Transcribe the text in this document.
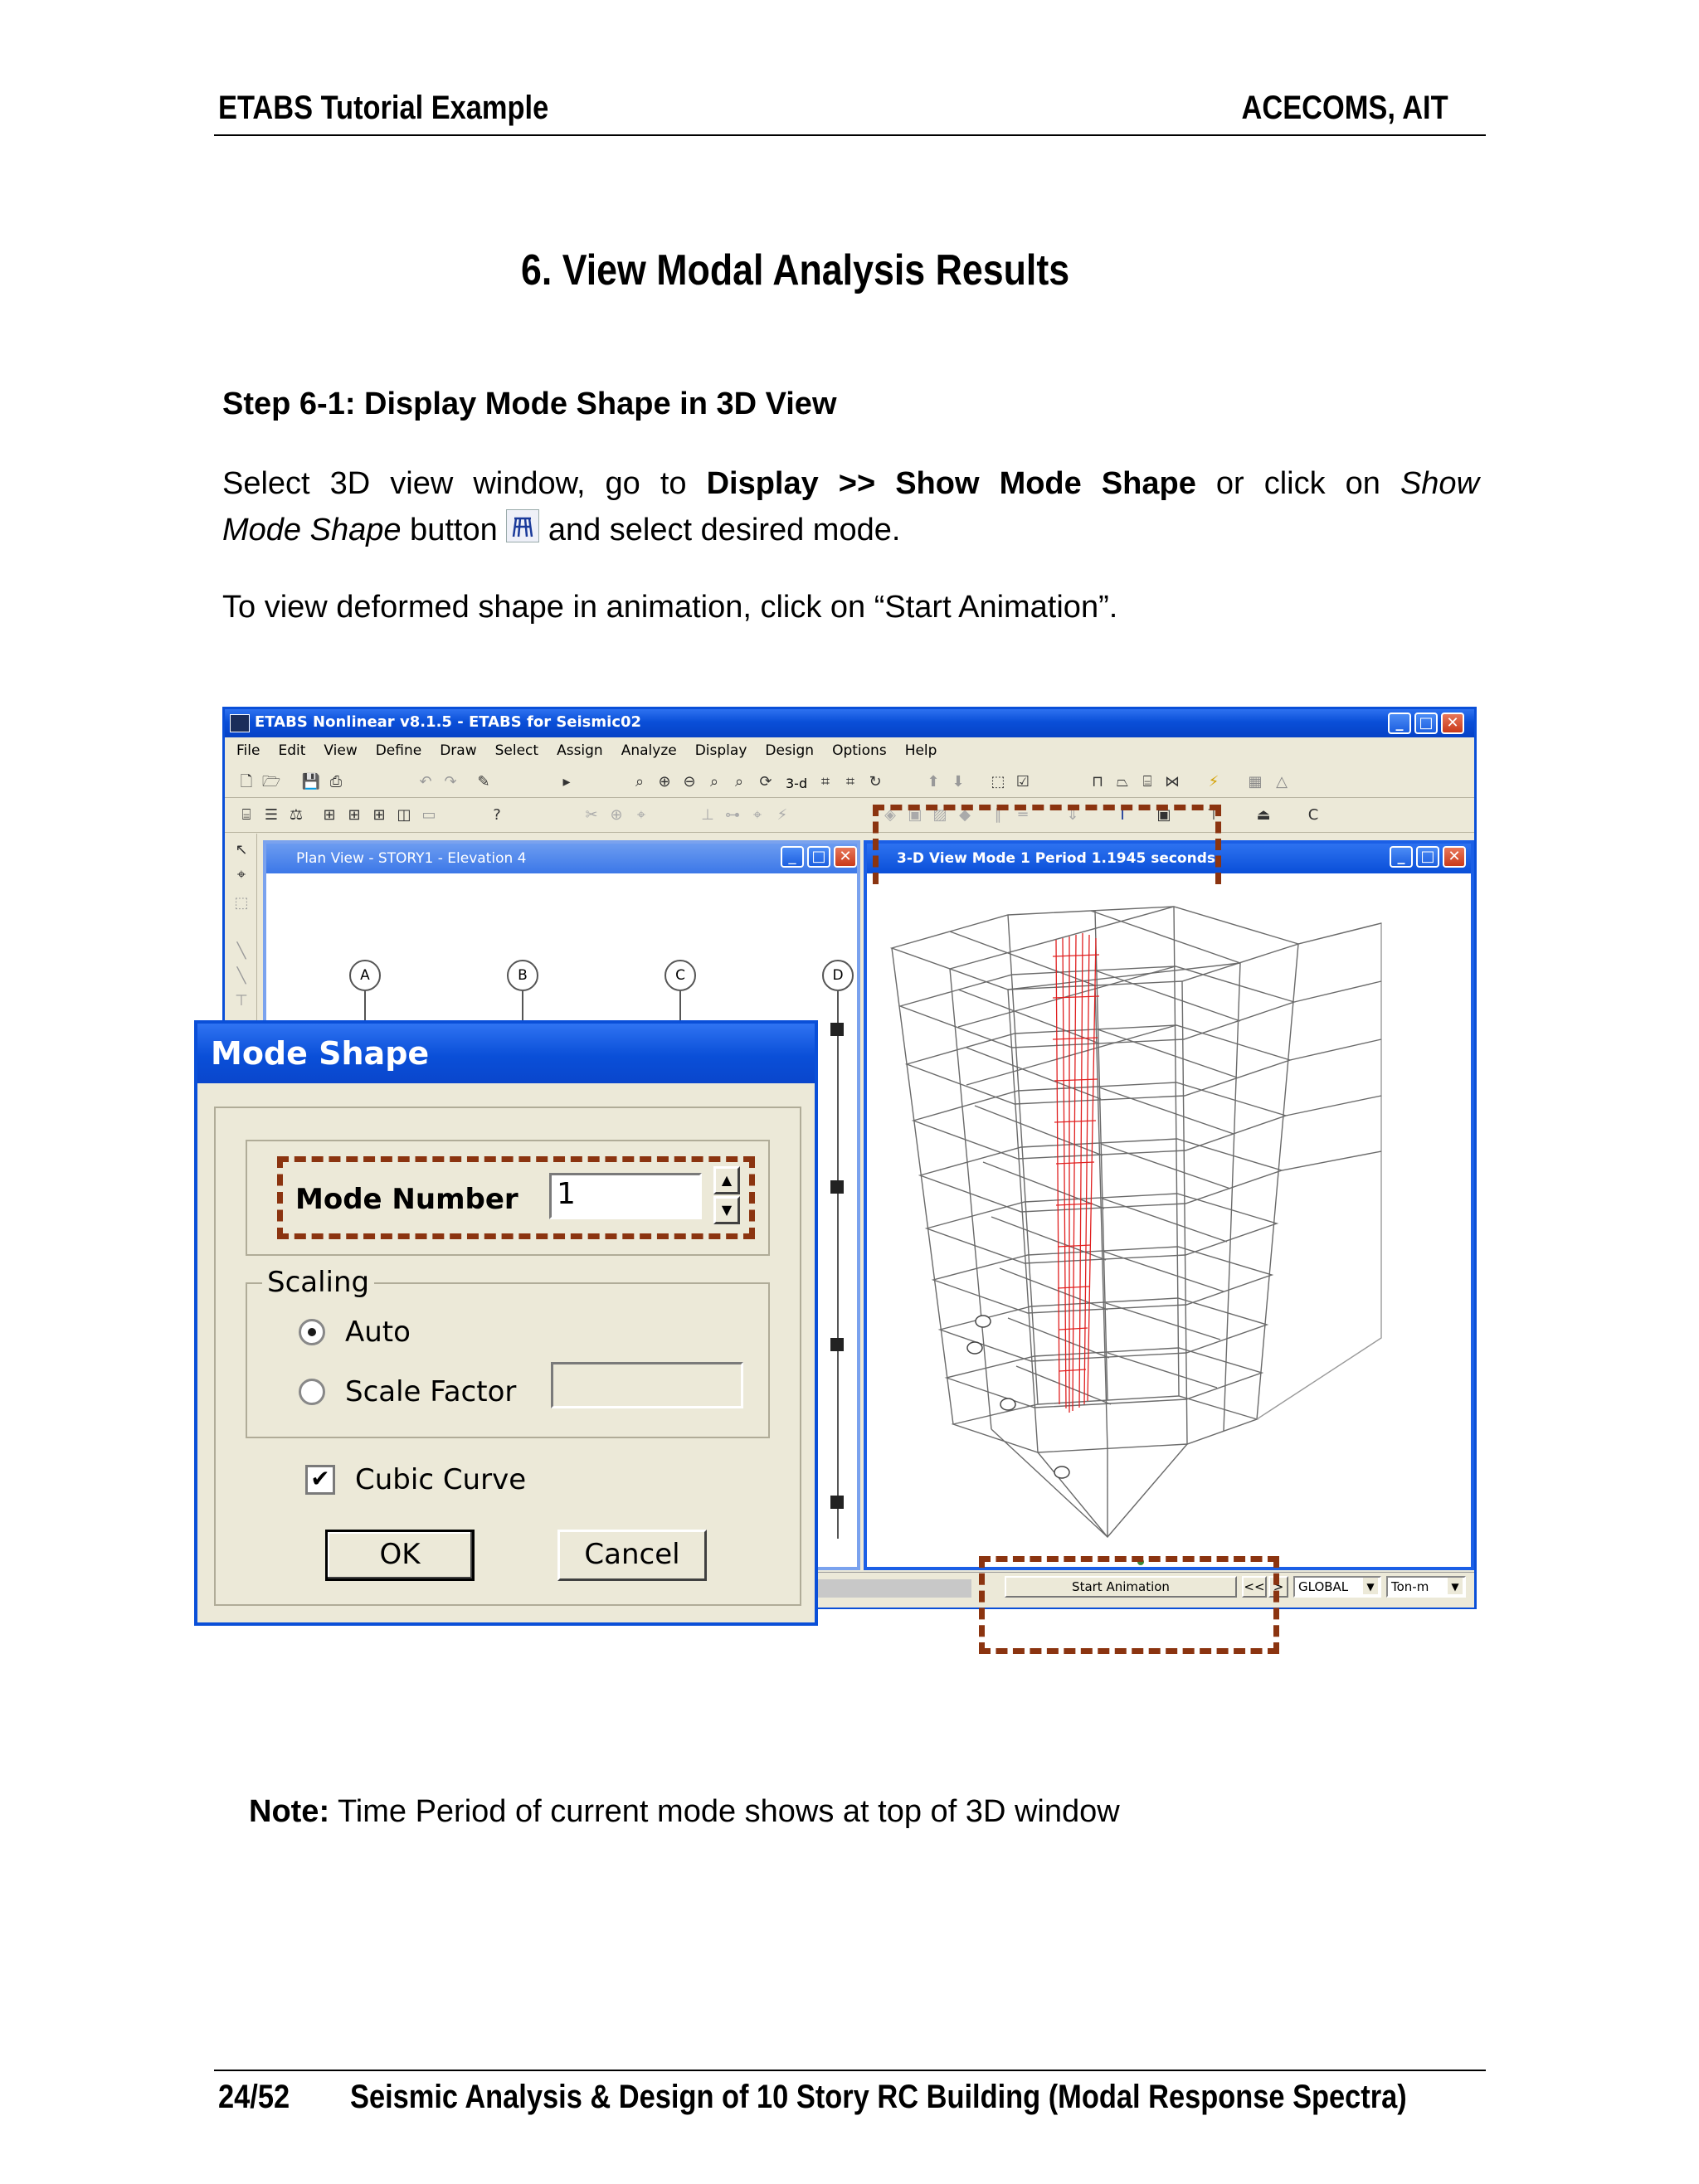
ETABS Tutorial Example	ACECOMS, AIT
6. View Modal Analysis Results
Step 6-1: Display Mode Shape in 3D View
Select 3D view window, go to Display >> Show Mode Shape or click on Show
Mode Shape button  and select desired mode.
To view deformed shape in animation, click on “Start Animation”.
ETABS Nonlinear v8.1.5 - ETABS for Seismic02	_	□ ✕
File Edit View Define Draw Select Assign Analyze Display Design Options Help
🗋 🗁 💾 ⎙	↶ ↷ ✎	▸	⌕ ⊕ ⊖ ⌕	⌕	⟳ 3-d ⌗	⌗ ↻	⬆ ⬇ ⬚ ☑	⊓ ⏢ ⌸ ⋈	⚡	▦ △
⌸ ☰ ⚖ ⊞ ⊞ ⊞ ◫ ▭	?	✂ ⊕ ⌖	⊥ ⊶ ⌖	⚡	◈ ▣ ▨ ◆	∥	═	⇓	I	▣ ⊤ ⏏	C
↖
⌖
⬚
╲
╲
⊤
Plan View - STORY1 - Elevation 4	_	□ ✕
A	B	C	D
3-D View Mode 1 Period 1.1945 seconds	_	□ ✕
Start Animation	<< >	GLOBAL	▼	Ton-m	▼
Mode Shape
Mode Number 1	▲
▼
Scaling
Auto
Scale Factor
✔ Cubic Curve
OK	Cancel
Note: Time Period of current mode shows at top of 3D window
24/52 Seismic Analysis & Design of 10 Story RC Building (Modal Response Spectra)
